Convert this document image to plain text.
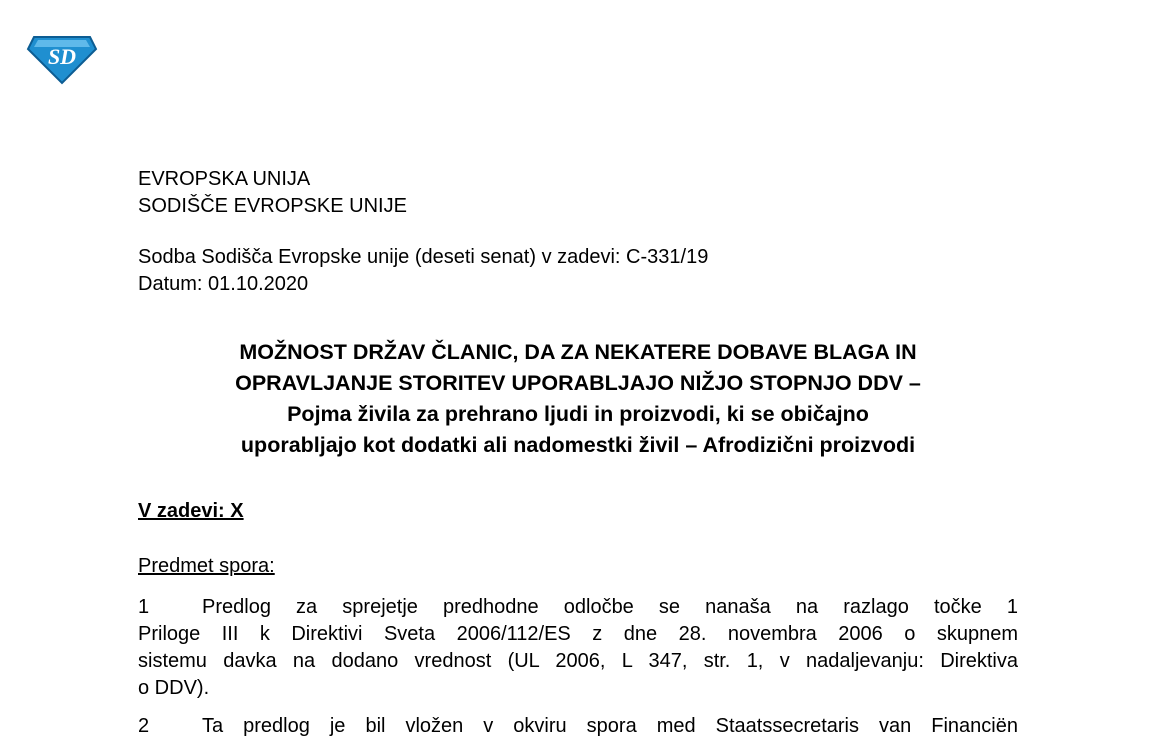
SD
EVROPSKA UNIJA
SODIŠČE EVROPSKE UNIJE
Sodba Sodišča Evropske unije (deseti senat) v zadevi: C-331/19
Datum: 01.10.2020
MOŽNOST DRŽAV ČLANIC, DA ZA NEKATERE DOBAVE BLAGA IN
OPRAVLJANJE STORITEV UPORABLJAJO NIŽJO STOPNJO DDV –
Pojma živila za prehrano ljudi in proizvodi, ki se običajno
uporabljajo kot dodatki ali nadomestki živil – Afrodizični proizvodi
V zadevi: X
Predmet spora:
1	Predlog za sprejetje predhodne odločbe se nanaša na razlago točke 1
Priloge III k Direktivi Sveta 2006/112/ES z dne 28. novembra 2006 o skupnem
sistemu davka na dodano vrednost (UL 2006, L 347, str. 1, v nadaljevanju: Direktiva
o DDV).
2	Ta predlog je bil vložen v okviru spora med Staatssecretaris van Financiën
